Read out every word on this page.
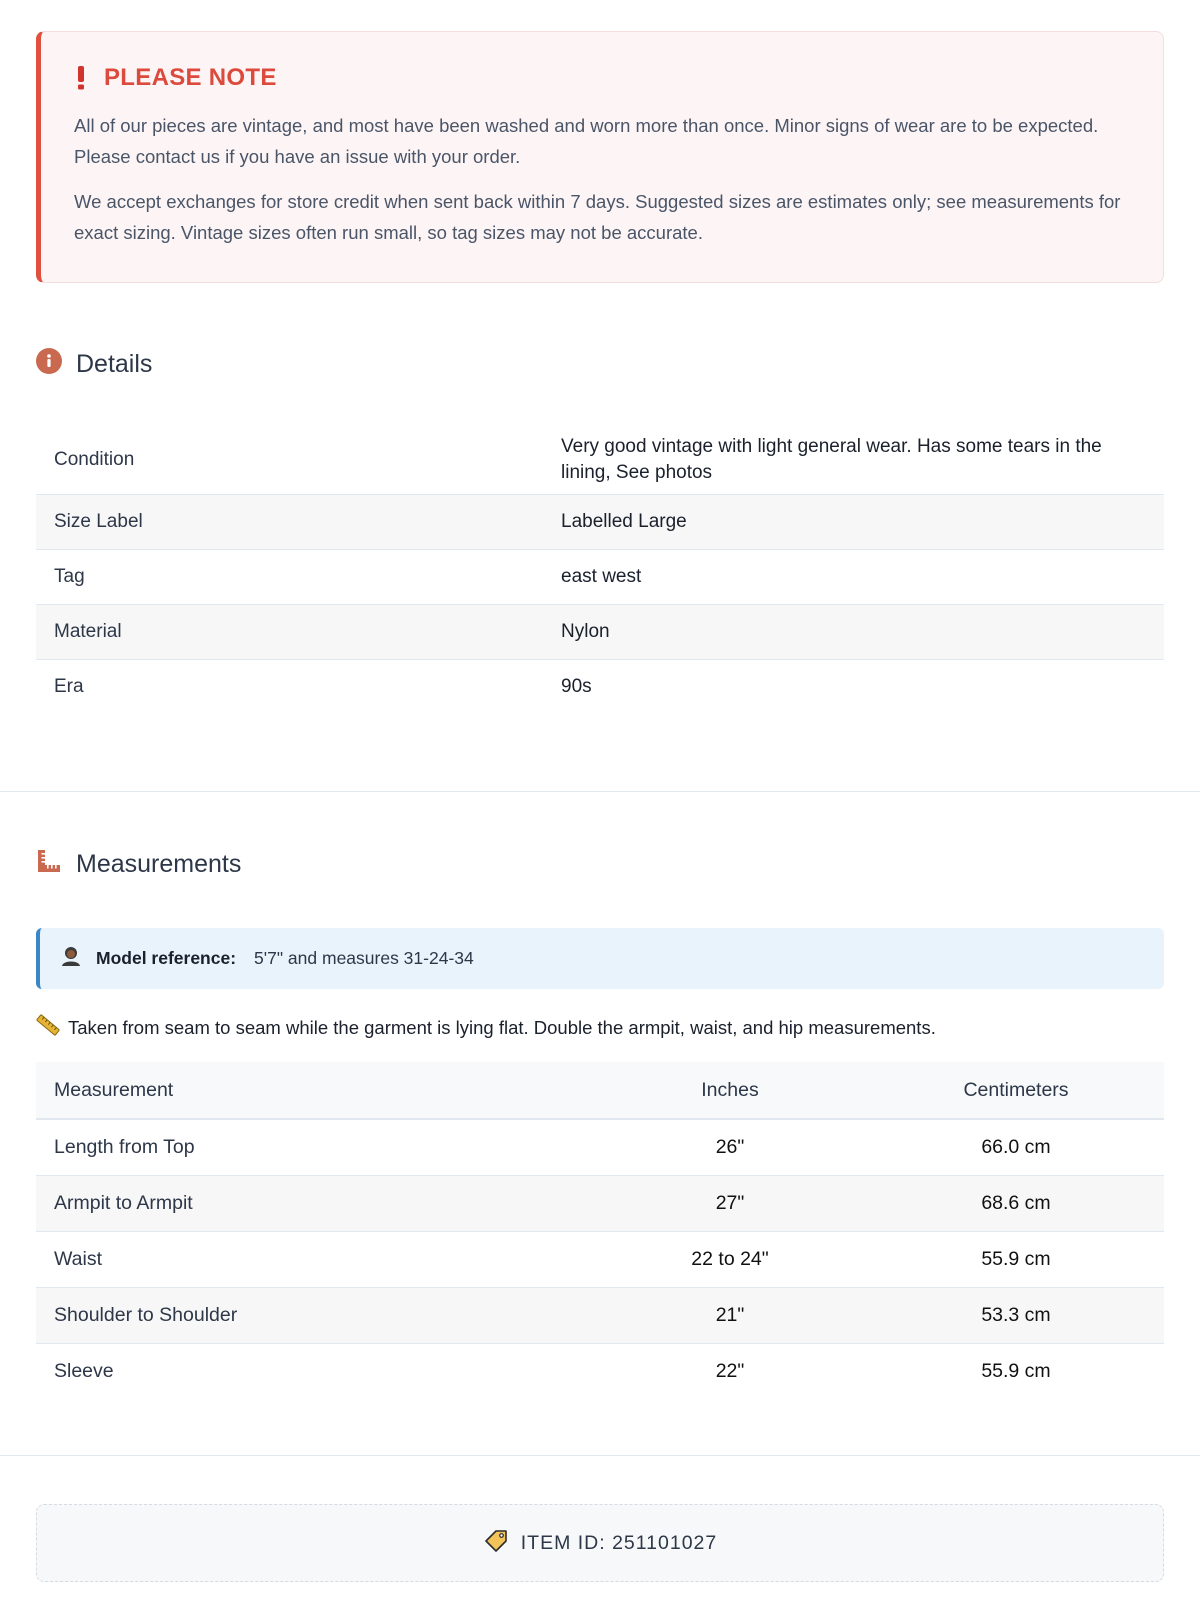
PLEASE NOTE

All of our pieces are vintage, and most have been washed and worn more than once. Minor signs of wear are to be expected. Please contact us if you have an issue with your order.

We accept exchanges for store credit when sent back within 7 days. Suggested sizes are estimates only; see measurements for exact sizing. Vintage sizes often run small, so tag sizes may not be accurate.

Details
Condition	Very good vintage with light general wear. Has some tears in the lining, See photos
Size Label	Labelled Large
Tag	east west
Material	Nylon
Era	90s
Measurements
Model reference: 5'7" and measures 31-24-34
Taken from seam to seam while the garment is lying flat. Double the armpit, waist, and hip measurements.
Measurement	Inches	Centimeters
Length from Top	26"	66.0 cm
Armpit to Armpit	27"	68.6 cm
Waist	22 to 24"	55.9 cm
Shoulder to Shoulder	21"	53.3 cm
Sleeve	22"	55.9 cm
ITEM ID: 251101027
